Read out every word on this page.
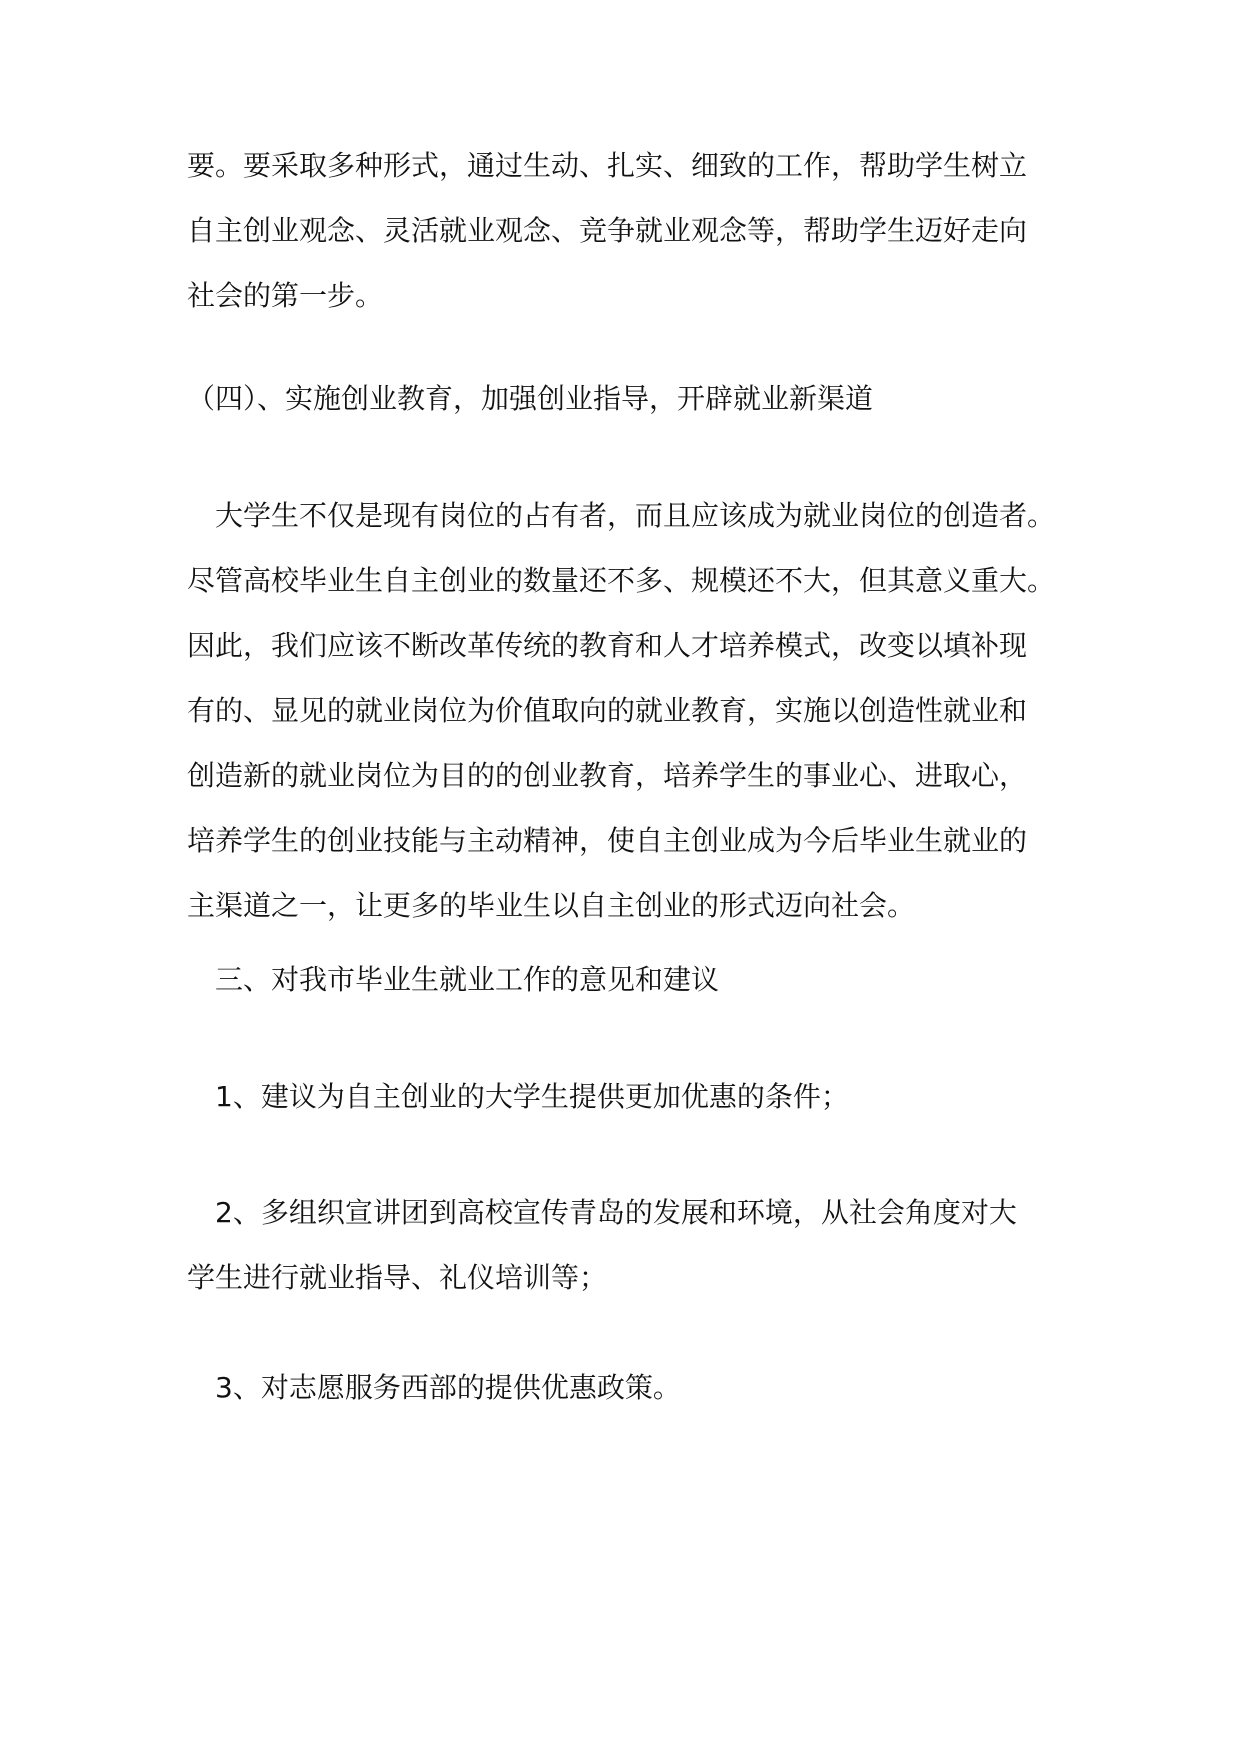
要。要采取多种形式，通过生动、扎实、细致的工作，帮助学生树立
自主创业观念、灵活就业观念、竞争就业观念等，帮助学生迈好走向
社会的第一步。
（四）、实施创业教育，加强创业指导，开辟就业新渠道
大学生不仅是现有岗位的占有者，而且应该成为就业岗位的创造者。
尽管高校毕业生自主创业的数量还不多、规模还不大，但其意义重大。
因此，我们应该不断改革传统的教育和人才培养模式，改变以填补现
有的、显见的就业岗位为价值取向的就业教育，实施以创造性就业和
创造新的就业岗位为目的的创业教育，培养学生的事业心、进取心，
培养学生的创业技能与主动精神，使自主创业成为今后毕业生就业的
主渠道之一，让更多的毕业生以自主创业的形式迈向社会。
三、对我市毕业生就业工作的意见和建议
1、建议为自主创业的大学生提供更加优惠的条件；
2、多组织宣讲团到高校宣传青岛的发展和环境，从社会角度对大
学生进行就业指导、礼仪培训等；
3、对志愿服务西部的提供优惠政策。
